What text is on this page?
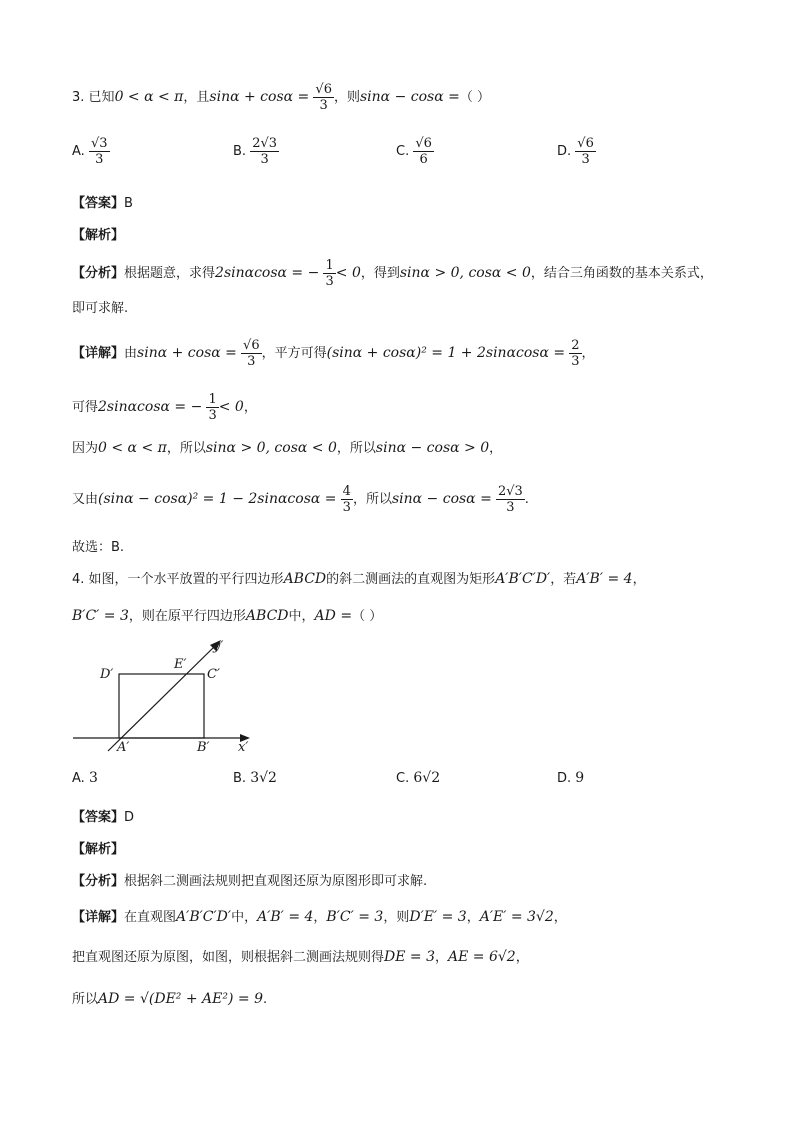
3. 已知0 < α < π，且$\sin\alpha + \cos\alpha = \frac{√6}{3}$ ，则sinα − cosα =（ ）
A. $\frac{√3}{3}$	B. $\frac{2√3}{3}$	C. $\frac{√6}{6}$	D. $\frac{√6}{3}$
【答案】B
【解析】
【分析】根据题意，求得2sinαcosα = − $\frac{1}{3} < 0$，得到sinα > 0, cosα < 0，结合三角函数的基本关系式，
即可求解.
【详解】由$\sin\alpha + \cos\alpha = \frac{√6}{3}$ ，平方可得$(\sin\alpha + \cos\alpha)^2 = 1 + 2\sin\alpha\cos\alpha = \frac{2}{3}$ ，
可得2sinαcosα = − $\frac{1}{3} < 0$，
因为0 < α < π，所以sinα > 0, cosα < 0，所以sinα − cosα > 0，
又由$(\sin\alpha - \cos\alpha)^2 = 1 - 2\sin\alpha\cos\alpha = \frac{4}{3}$ ，所以$\sin\alpha - \cos\alpha = \frac{2√3}{3}$ .
故选：B.
4. 如图，一个水平放置的平行四边形ABCD的斜二测画法的直观图为矩形A′B′C′D′，若A′B′ = 4，
B′C′ = 3，则在原平行四边形ABCD中，AD =（ ）
D′
E′
C′
A′	B′ x′
y′
A. 3	B. 3√2	C. 6√2	D. 9
【答案】D
【解析】
【分析】根据斜二测画法规则把直观图还原为原图形即可求解.
【详解】在直观图A′B′C′D′中，A′B′ = 4，B′C′ = 3，则D′E′ = 3，A′E′ = 3√2，
把直观图还原为原图，如图，则根据斜二测画法规则得DE = 3，AE = 6√2，
所以AD = √(DE² + AE²) = 9.
